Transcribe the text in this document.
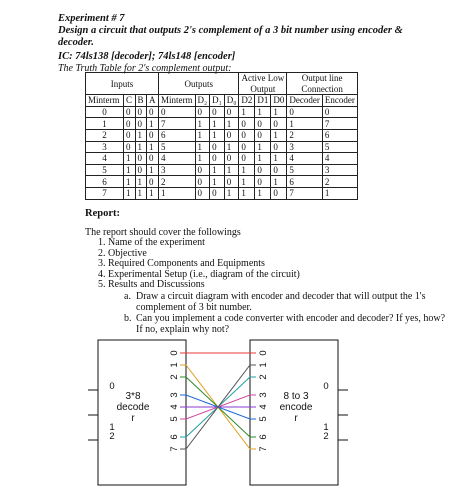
Experiment # 7
Design a circuit that outputs 2's complement of a 3 bit number using encoder &
decoder.
IC: 74ls138 [decoder]; 74ls148 [encoder]
The Truth Table for 2's complement output:
Inputs				Outputs				Active Low			Output line	
								Output			Connection	
Minterm	C	B	A	Minterm	D₂	D₁	D₀	D2	D1	D0	Decoder	Encoder
0	0	0	0	0	0	0	0	1	1	1	0	0
1	0	0	1	7	1	1	1	0	0	0	1	7
2	0	1	0	6	1	1	0	0	0	1	2	6
3	0	1	1	5	1	0	1	0	1	0	3	5
4	1	0	0	4	1	0	0	0	1	1	4	4
5	1	0	1	3	0	1	1	1	0	0	5	3
6	1	1	0	2	0	1	0	1	0	1	6	2
7	1	1	1	1	0	0	1	1	1	0	7	1
Report:
The report should cover the followings
1. Name of the experiment
2. Objective
3. Required Components and Equipments
4. Experimental Setup (i.e., diagram of the circuit)
5. Results and Discussions
a. Draw a circuit diagram with encoder and decoder that will output the 1's complement of 3 bit number.
b. Can you implement a code converter with encoder and decoder? If yes, how? If no, explain why not?
3*8
decode
r
8 to 3
encode
r
0
1
2
0	0
1	1
2	2
3	3
4	4
5	5
6	6
7	7
0
1
2
